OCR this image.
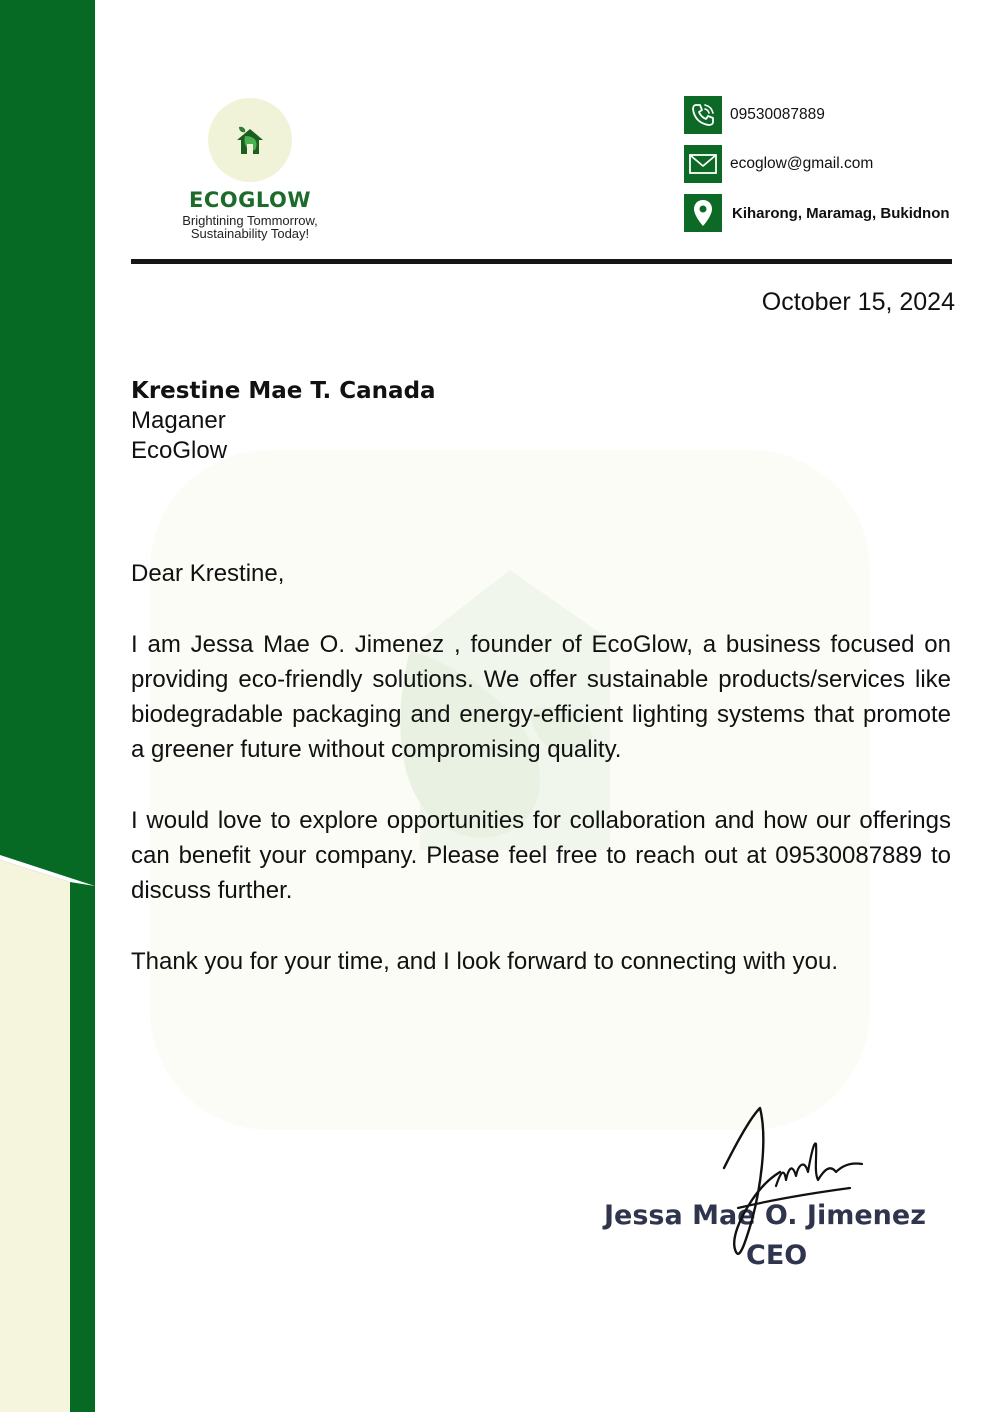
ECOGLOW
Brightining Tommorrow,
Sustainability Today!
09530087889
ecoglow@gmail.com
Kiharong, Maramag, Bukidnon
October 15, 2024
Krestine Mae T. Canada
Maganer
EcoGlow

Dear Krestine,

I am Jessa Mae O. Jimenez , founder of EcoGlow, a business focused on providing eco-friendly solutions. We offer sustainable products/services like biodegradable packaging and energy-efficient lighting systems that promote a greener future without compromising quality.

I would love to explore opportunities for collaboration and how our offerings can benefit your company. Please feel free to reach out at 09530087889 to discuss further.

Thank you for your time, and I look forward to connecting with you.

Jessa Mae O. Jimenez
CEO
